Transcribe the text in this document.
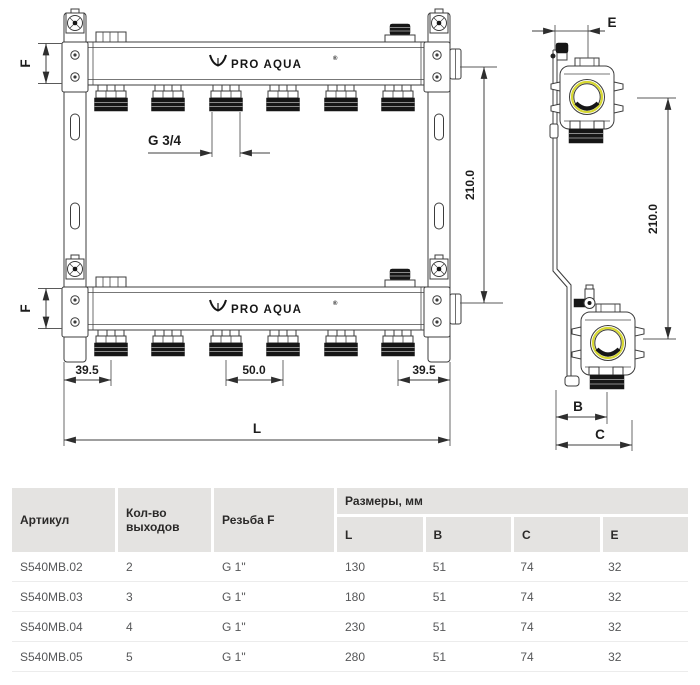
PRO AQUA	®
PRO AQUA	®
F
F
G 3/4
39.5	50.0	39.5
L
210.0
E
210.0
B
C
Артикул	Кол-во выходов	Резьба F
Размеры, мм
L	B	C	E
S540MB.02	2	G 1"	130	51	74	32
S540MB.03	3	G 1"	180	51	74	32
S540MB.04	4	G 1"	230	51	74	32
S540MB.05	5	G 1"	280	51	74	32
